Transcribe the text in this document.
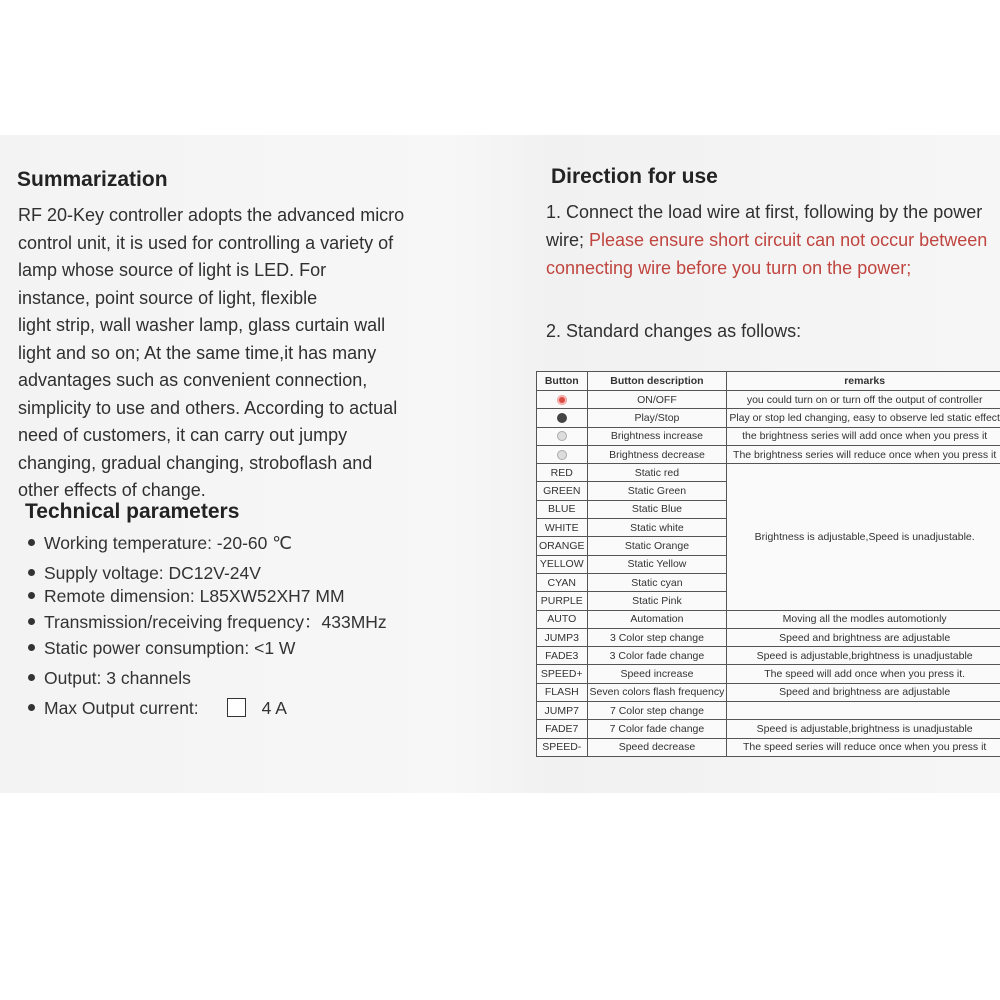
Summarization
Technical parameters
Direction for use
RF 20-Key controller adopts the advanced micro
control unit, it is used for controlling a variety of
lamp whose source of light is LED. For
instance, point source of light, flexible
light strip, wall washer lamp, glass curtain wall
light and so on; At the same time,it has many
advantages such as convenient connection,
simplicity to use and others. According to actual
need of customers, it can carry out jumpy
changing, gradual changing, stroboflash and
other effects of change.
Working temperature: -20-60 ℃
Supply voltage: DC12V-24V
Remote dimension: L85XW52XH7 MM
Transmission/receiving frequency：433MHz
Static power consumption: <1 W
Output: 3 channels
Max Output current:	4 A

1. Connect the load wire at first, following by the power wire; Please ensure short circuit can not occur between connecting wire before you turn on the power;

2. Standard changes as follows:

Button	Button description	remarks
	ON/OFF	you could turn on or turn off the output of controller
	Play/Stop	Play or stop led changing, easy to observe led static effect
	Brightness increase	the brightness series will add once when you press it
	Brightness decrease	The brightness series will reduce once when you press it
RED	Static red	Brightness is adjustable,Speed is unadjustable.
GREEN	Static Green	
BLUE	Static Blue	
WHITE	Static white	
ORANGE	Static Orange	
YELLOW	Static Yellow	
CYAN	Static cyan	
PURPLE	Static Pink	
AUTO	Automation	Moving all the modles automotionly
JUMP3	3 Color step change	Speed and brightness are adjustable
FADE3	3 Color fade change	Speed is adjustable,brightness is unadjustable
SPEED+	Speed increase	The speed will add once when you press it.
FLASH	Seven colors flash frequency	Speed and brightness are adjustable
JUMP7	7 Color step change	
FADE7	7 Color fade change	Speed is adjustable,brightness is unadjustable
SPEED-	Speed decrease	The speed series will reduce once when you press it
